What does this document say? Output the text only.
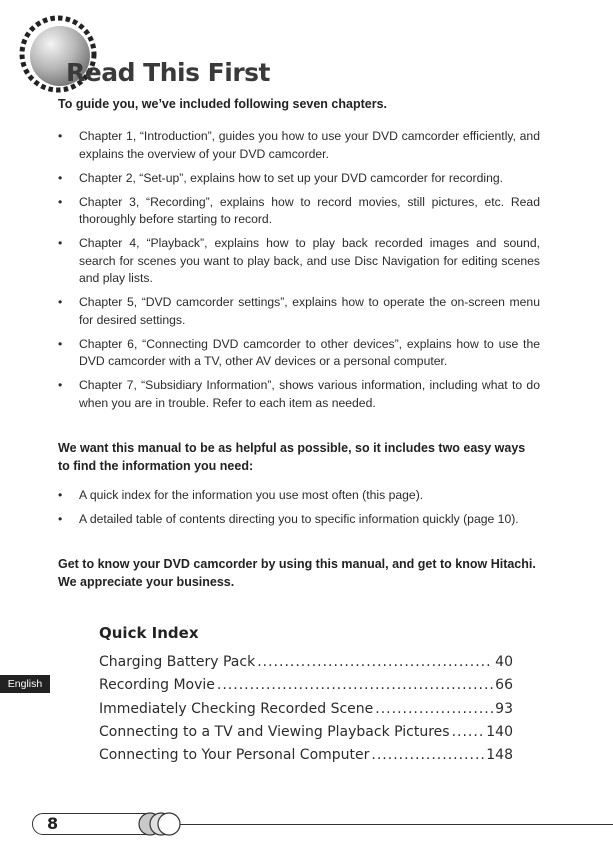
Read This First

To guide you, we’ve included following seven chapters.

• Chapter 1, “Introduction”, guides you how to use your DVD camcorder efficiently, and explains the overview of your DVD camcorder.
• Chapter 2, “Set-up”, explains how to set up your DVD camcorder for recording.
• Chapter 3, “Recording”, explains how to record movies, still pictures, etc. Read thoroughly before starting to record.
• Chapter 4, “Playback”, explains how to play back recorded images and sound, search for scenes you want to play back, and use Disc Navigation for editing scenes and play lists.
• Chapter 5, “DVD camcorder settings”, explains how to operate the on-screen menu for desired settings.
• Chapter 6, “Connecting DVD camcorder to other devices”, explains how to use the DVD camcorder with a TV, other AV devices or a personal computer.
• Chapter 7, “Subsidiary Information”, shows various information, including what to do when you are in trouble. Refer to each item as needed.

We want this manual to be as helpful as possible, so it includes two easy ways to find the information you need:

• A quick index for the information you use most often (this page).
• A detailed table of contents directing you to specific information quickly (page 10).

Get to know your DVD camcorder by using this manual, and get to know Hitachi. We appreciate your business.

Quick Index
Charging Battery Pack .....	40
Recording Movie .....	66
Immediately Checking Recorded Scene .....	93
Connecting to a TV and Viewing Playback Pictures .....	140
Connecting to Your Personal Computer .....	148
English
8
